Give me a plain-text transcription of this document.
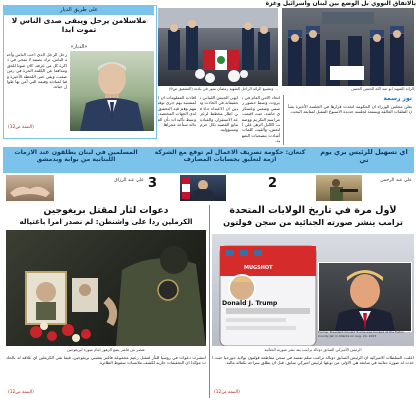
بالاتفاق النووي بل الوضع بين لبنان واسرائيل وغزة
على طريق الديار
ملاسلامن يرحل ويبقى صدى الناس لا تموت ابدا
«الديار»
رحل الرجل الذي احب الناس وأحبه الناس، ترك بصمة لا تمحى في ذاكرة كل من عرفه، كان صوتا للحق ومدافعا عن الكلمة الحرة في زمن صعب، وبقي حتى اللحظة الأخيرة وفيا لمبادئه وقيمه التي آمن بها طوال حياته.
(التتمة ص12)
... وتشييع الرائد الراحل الشهيد رمضان نمور في بلدته (التشقيق ص9)	الرائد الشهيد أبو عبد الله الحسن الحسن
افادت المعلومات ان المشتبه بهم جرى توقيفهم وهم قيد التحقيق لدى الجهات المختصة، وسط تأكيدات بأن العدالة ستأخذ مجراها.
انهى الجيش اللبناني تحقيقاته في الحادث وتبين ان الاعتداء جاء في اطار مخطط لزعزعة الاستقرار، والقيادة تتابع القضية بكل حزم ومسؤولية.
اتحاد الامن العام في بيروت، وسط حضور رسمي وشعبي وعسكري حاشد، حيث اقيمت مراسم التكريم ووضعت اكاليل الزهر على النعش، وألقيت كلمات أشادت بتضحيات الشهيد.
نور رسمة
يعلن مجلس الوزراء ان الحكومة اتخذت قرارها في الجلسة الأخيرة بشأن الملفات العالقة ويستعد لجلسة جديدة الاسبوع المقبل لمتابعة البحث.
اي تسهيل للرئيس بري يوم تي
كنعان: حكومة تصريف الاعمال لم توقع مع الشركة ازمة لتعليق بحسابات المصارف
المسلمين في لبنان يطلقون عند الازمات اللبنانية من بوابة وبدمشق
علي عبد الرحمن
2
3
علي عبد الرزاق
لأول مرة في تاريخ الولايات المتحدة
ترامب ينشر صورته الجنائية من سجن فولتون
دعوات لثأر لمقتل بريغوجين
الكرملين ردا على واشنطن: لم نصدر امرا باغتياله
عنصر من فاغنر يضع الزهور امام صورة لبريغوجين
انتشرت دعوات في روسيا للثأر لمقتل زعيم مجموعة فاغنر يفغيني بريغوجين، فيما نفى الكرملين اي علاقة له بالحادث مؤكدا ان التحقيقات جارية لكشف ملابسات سقوط الطائرة.
(التتمة ص12)
Donald J. Trump
MUGSHOT
Former President Donald Trump was booked at the Fulton County Jail in Atlanta on Aug. 24, 2023
الرئيس الأميركي السابق دونالد ترامب بعد نشر صورته الجنائية
اعلنت السلطات الاميركية ان الرئيس السابق دونالد ترامب سلم نفسه في سجن مقاطعة فولتون بولاية جورجيا حيث اخذت له صورة جنائية في سابقة هي الاولى من نوعها لرئيس اميركي سابق، قبل ان يطلق سراحه بكفالة مالية.
(التتمة ص12)
